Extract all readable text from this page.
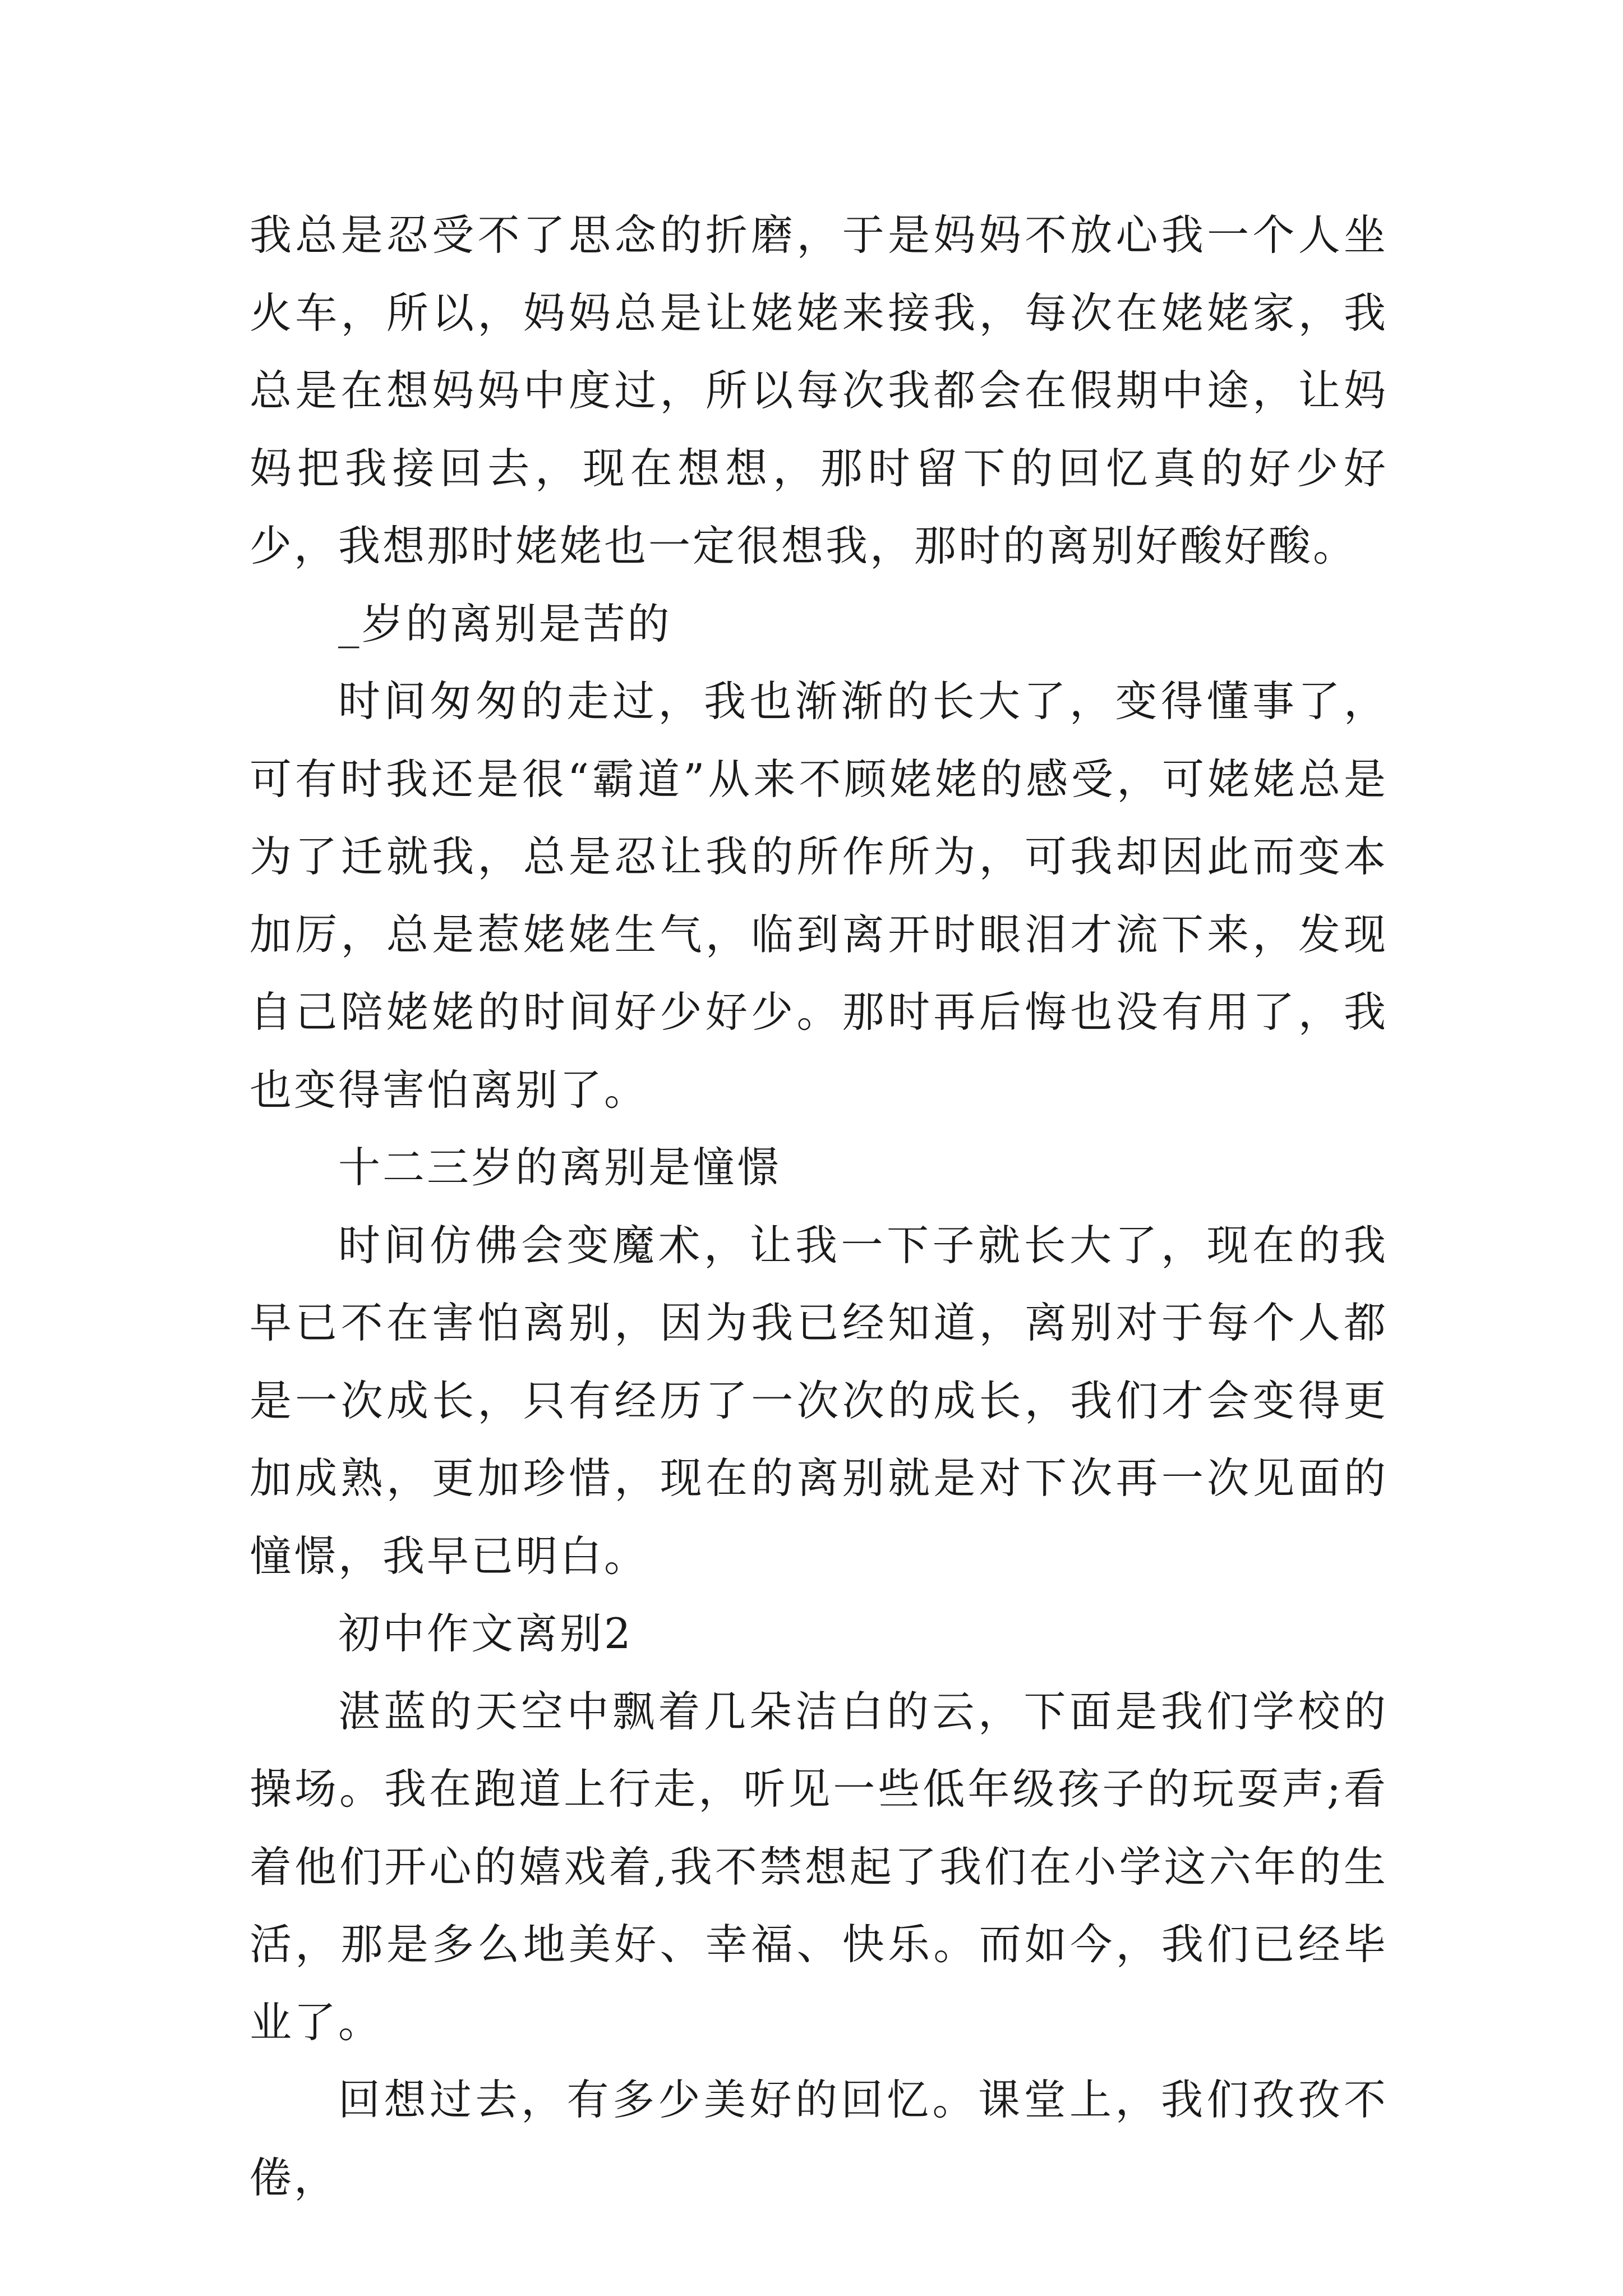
我总是忍受不了思念的折磨，于是妈妈不放心我一个人坐火车，所以，妈妈总是让姥姥来接我，每次在姥姥家，我总是在想妈妈中度过，所以每次我都会在假期中途，让妈妈把我接回去，现在想想，那时留下的回忆真的好少好少，我想那时姥姥也一定很想我，那时的离别好酸好酸。

_岁的离别是苦的

时间匆匆的走过，我也渐渐的长大了，变得懂事了，可有时我还是很“霸道”从来不顾姥姥的感受，可姥姥总是为了迁就我，总是忍让我的所作所为，可我却因此而变本加厉，总是惹姥姥生气，临到离开时眼泪才流下来，发现自己陪姥姥的时间好少好少。那时再后悔也没有用了，我也变得害怕离别了。

十二三岁的离别是憧憬

时间仿佛会变魔术，让我一下子就长大了，现在的我早已不在害怕离别，因为我已经知道，离别对于每个人都是一次成长，只有经历了一次次的成长，我们才会变得更加成熟，更加珍惜，现在的离别就是对下次再一次见面的憧憬，我早已明白。

初中作文离别2

湛蓝的天空中飘着几朵洁白的云，下面是我们学校的操场。我在跑道上行走，听见一些低年级孩子的玩耍声;看着他们开心的嬉戏着,我不禁想起了我们在小学这六年的生活，那是多么地美好、幸福、快乐。而如今，我们已经毕业了。

回想过去，有多少美好的回忆。课堂上，我们孜孜不倦，
